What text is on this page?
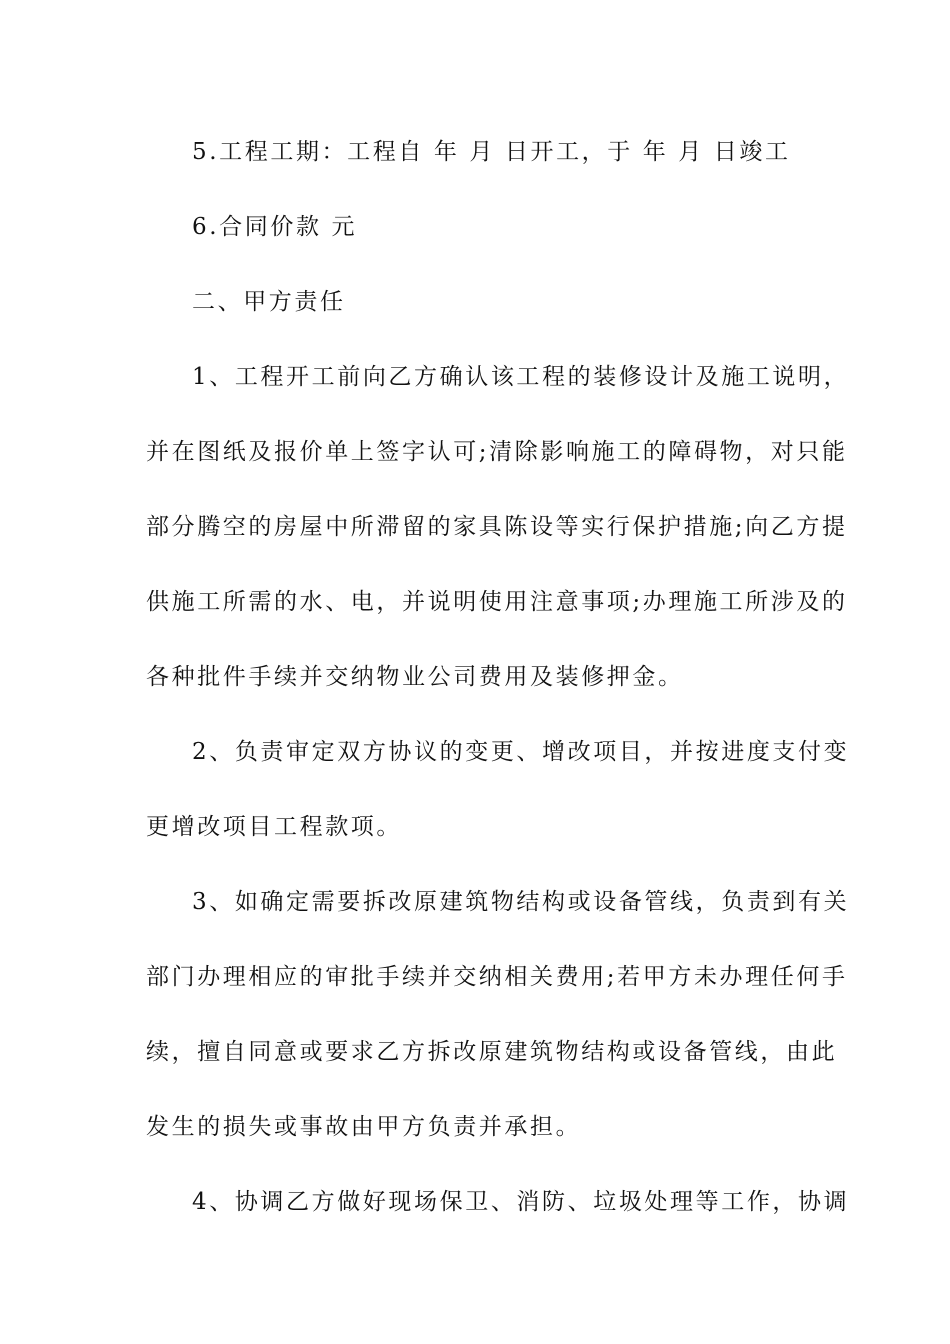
5.工程工期：工程自 年 月 日开工，于 年 月 日竣工
6.合同价款 元
二、甲方责任
1、工程开工前向乙方确认该工程的装修设计及施工说明，
并在图纸及报价单上签字认可;清除影响施工的障碍物，对只能
部分腾空的房屋中所滞留的家具陈设等实行保护措施;向乙方提
供施工所需的水、电，并说明使用注意事项;办理施工所涉及的
各种批件手续并交纳物业公司费用及装修押金。
2、负责审定双方协议的变更、增改项目，并按进度支付变
更增改项目工程款项。
3、如确定需要拆改原建筑物结构或设备管线，负责到有关
部门办理相应的审批手续并交纳相关费用;若甲方未办理任何手
续，擅自同意或要求乙方拆改原建筑物结构或设备管线，由此
发生的损失或事故由甲方负责并承担。
4、协调乙方做好现场保卫、消防、垃圾处理等工作，协调
